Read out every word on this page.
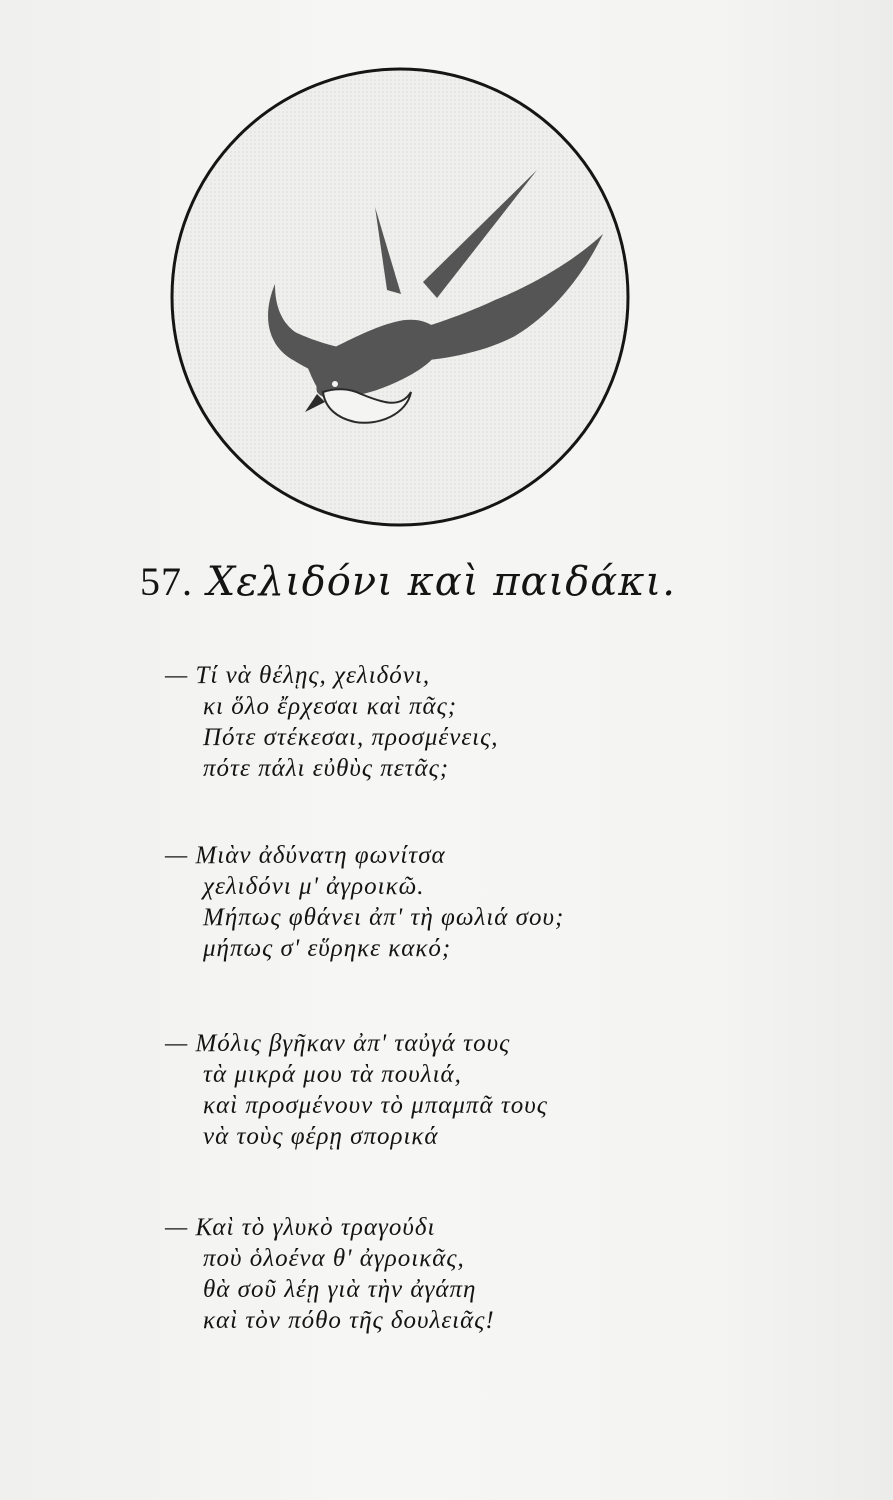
57. Χελιδόνι καὶ παιδάκι.
— Τί νὰ θέλῃς, χελιδόνι,
κι ὅλο ἔρχεσαι καὶ πᾶς;
Πότε στέκεσαι, προσμένεις,
πότε πάλι εὐθὺς πετᾶς;
— Μιὰν ἀδύνατη φωνίτσα
χελιδόνι μ' ἀγροικῶ.
Μήπως φθάνει ἀπ' τὴ φωλιά σου;
μήπως σ' εὕρηκε κακό;
— Μόλις βγῆκαν ἀπ' ταὐγά τους
τὰ μικρά μου τὰ πουλιά,
καὶ προσμένουν τὸ μπαμπᾶ τους
νὰ τοὺς φέρῃ σπορικά
— Καὶ τὸ γλυκὸ τραγούδι
ποὺ ὁλοένα θ' ἀγροικᾶς,
θὰ σοῦ λέῃ γιὰ τὴν ἀγάπη
καὶ τὸν πόθο τῆς δουλειᾶς!
